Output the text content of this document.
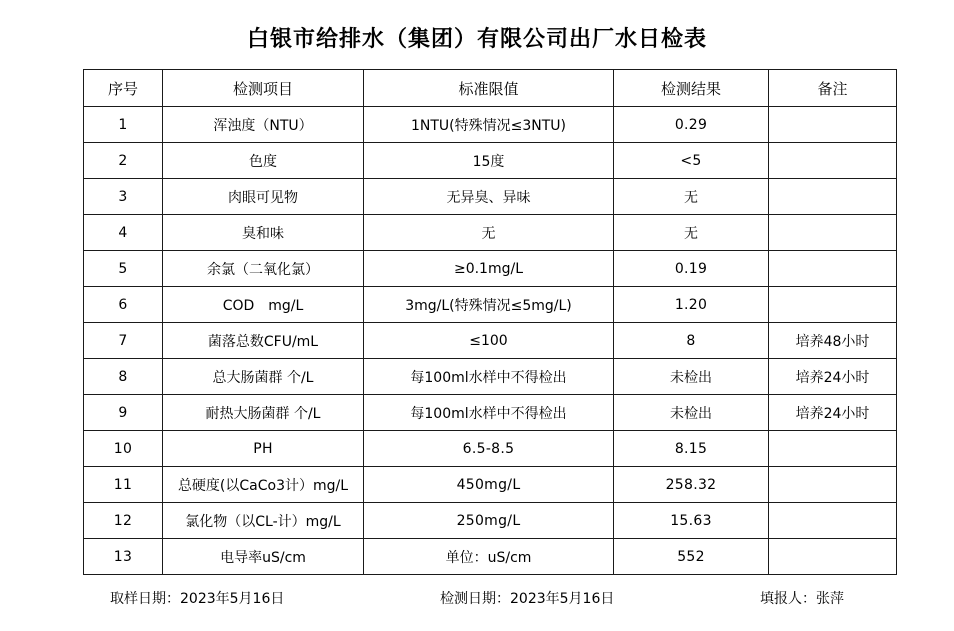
白银市给排水（集团）有限公司出厂水日检表
序号	检测项目	标准限值	检测结果	备注
1	浑浊度（NTU）	1NTU(特殊情况≤3NTU)	0.29	
2	色度	15度	<5	
3	肉眼可见物	无异臭、异味	无	
4	臭和味	无	无	
5	余氯（二氧化氯）	≥0.1mg/L	0.19	
6	COD　mg/L	3mg/L(特殊情况≤5mg/L)	1.20	
7	菌落总数CFU/mL	≤100	8	培养48小时
8	总大肠菌群 个/L	每100ml水样中不得检出	未检出	培养24小时
9	耐热大肠菌群 个/L	每100ml水样中不得检出	未检出	培养24小时
10	PH	6.5-8.5	8.15	
11	总硬度(以CaCo3计）mg/L	450mg/L	258.32	
12	氯化物（以CL-计）mg/L	250mg/L	15.63	
13	电导率uS/cm	单位：uS/cm	552	
取样日期：2023年5月16日	检测日期：2023年5月16日	填报人：张萍
